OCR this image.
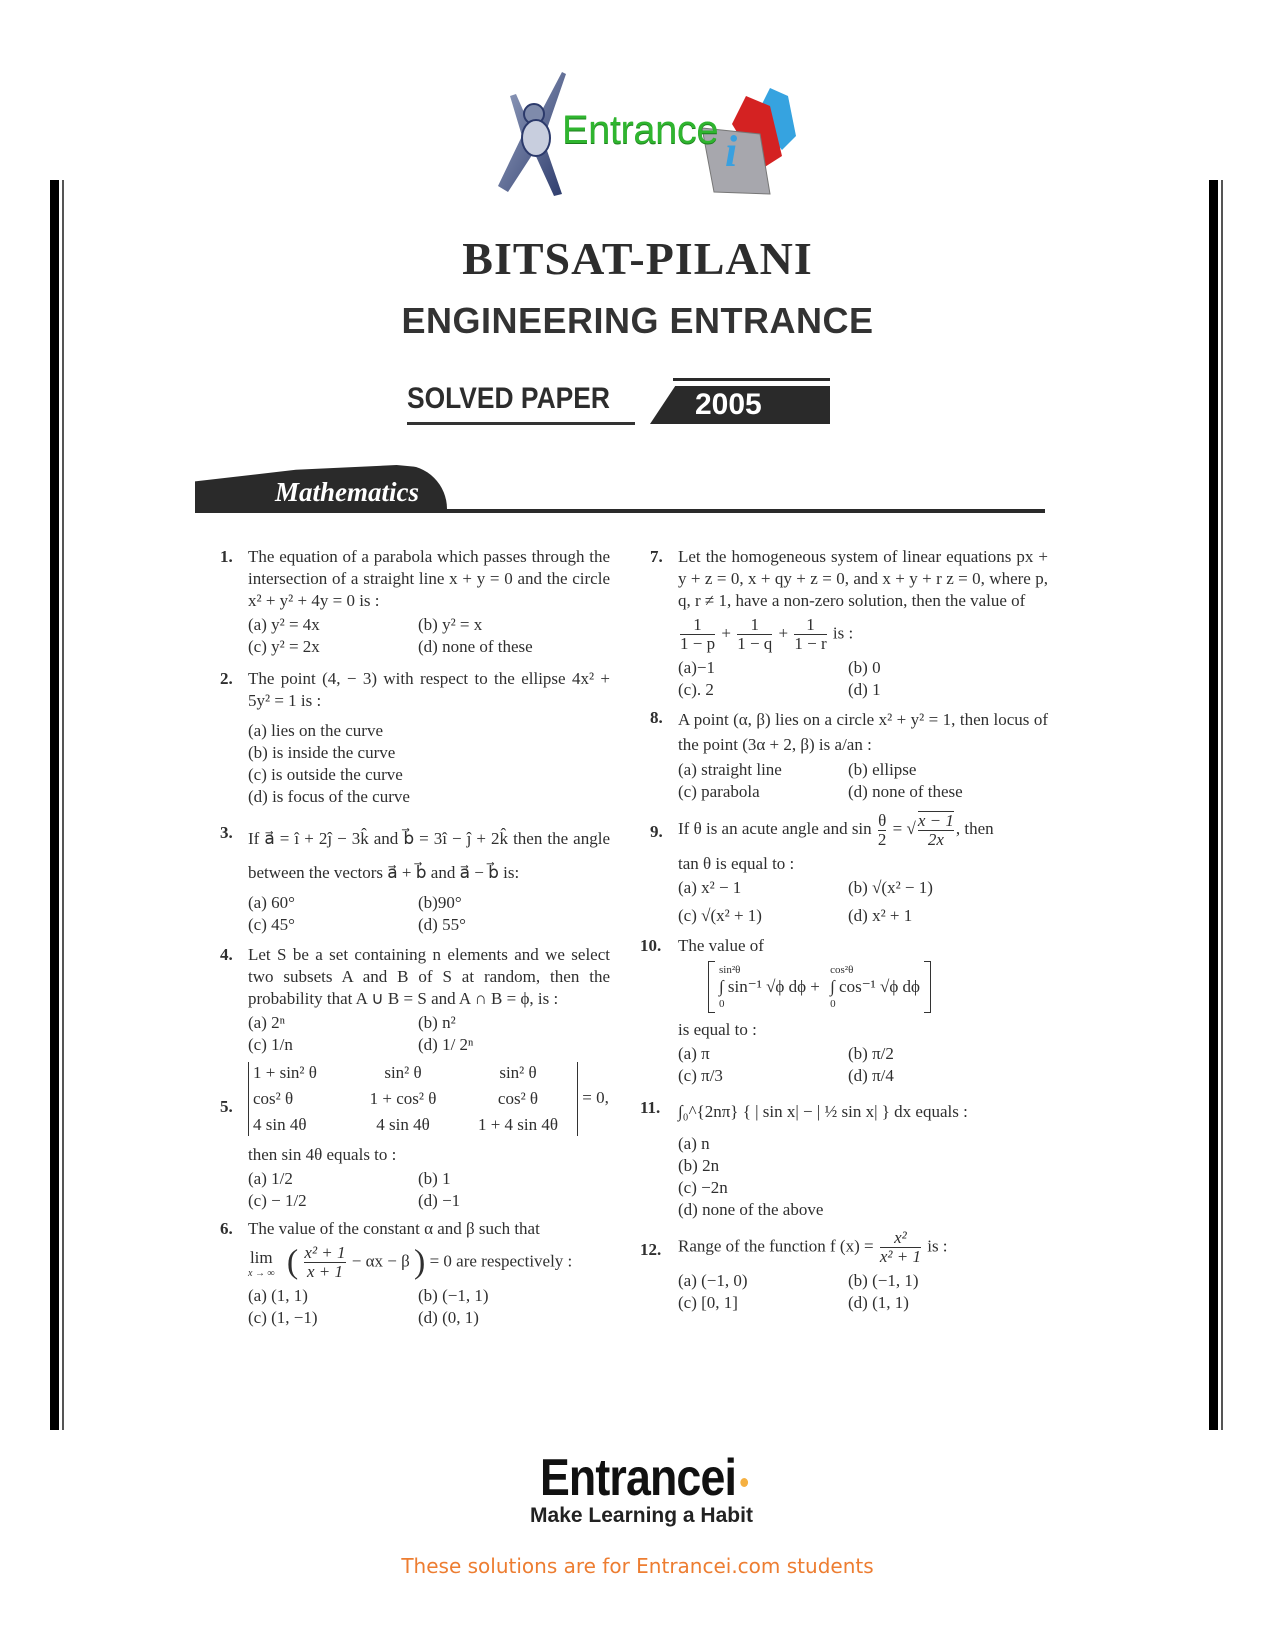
Entrance i
BITSAT-PILANI
ENGINEERING ENTRANCE
SOLVED PAPER	2005
Mathematics
1. The equation of a parabola which passes through the intersection of a straight line x + y = 0 and the circle x² + y² + 4y = 0 is :
(a) y² = 4x	(b) y² = x
(c) y² = 2x	(d) none of these
2. The point (4, − 3) with respect to the ellipse 4x² + 5y² = 1 is :
(a) lies on the curve
(b) is inside the curve
(c) is outside the curve
(d) is focus of the curve
3. If a⃗ = î + 2ĵ − 3k̂ and b⃗ = 3î − ĵ + 2k̂ then the angle between the vectors a⃗ + b⃗ and a⃗ − b⃗ is:
(a) 60°	(b)90°
(c) 45°	(d) 55°
4. Let S be a set containing n elements and we select two subsets A and B of S at random, then the probability that A ∪ B = S and A ∩ B = ϕ, is :
(a) 2ⁿ	(b) n²
(c) 1/n	(d) 1/ 2ⁿ
5.
1 + sin² θ	sin² θ	sin² θ
cos² θ	1 + cos² θ	cos² θ
4 sin 4θ	4 sin 4θ	1 + 4 sin 4θ
= 0,
then sin 4θ equals to :
(a) 1/2	(b) 1
(c) − 1/2	(d) −1
6. The value of the constant α and β such that
lim
x → ∞ ( $\frac{\text{x² + 1}}{x + 1} - \alpha x - \beta$ ) = 0 are respectively :
(a) (1, 1)	(b) (−1, 1)
(c) (1, −1)	(d) (0, 1)
7. Let the homogeneous system of linear equations px + y + z = 0, x + qy + z = 0, and x + y + r z = 0, where p, q, r ≠ 1, have a non-zero solution, then the value of
$\frac{1}{1 - p} + \frac{1}{1 - q} + \frac{1}{1 - r}$ is :
(a)−1	(b) 0
(c). 2	(d) 1
8. A point (α, β) lies on a circle x² + y² = 1, then locus of the point (3α + 2, β) is a/an :
(a) straight line	(b) ellipse
(c) parabola	(d) none of these
9. If θ is an acute angle and $\sin \frac{\theta}{2}$ = √ $\frac{x - 1}{2x}$ , then
tan θ is equal to :
(a) x² − 1	(b) √(x² − 1)
(c) √(x² + 1)	(d) x² + 1
10. The value of
sin²θ
∫ sin⁻¹ √ϕ dϕ +
0

cos²θ
∫ cos⁻¹ √ϕ dϕ
0
is equal to :
(a) π	(b) π/2
(c) π/3	(d) π/4
11. ∫₀^{2nπ} { | sin x| − | ½ sin x| } dx equals :
(a) n
(b) 2n
(c) −2n
(d) none of the above
12. Range of the function f $(x) = \frac{\text{x²}}{\text{x² + 1}}$ is :
(a) (−1, 0)	(b) (−1, 1)
(c) [0, 1]	(d) (1, 1)
Entrancei
Make Learning a Habit
These solutions are for Entrancei.com students
